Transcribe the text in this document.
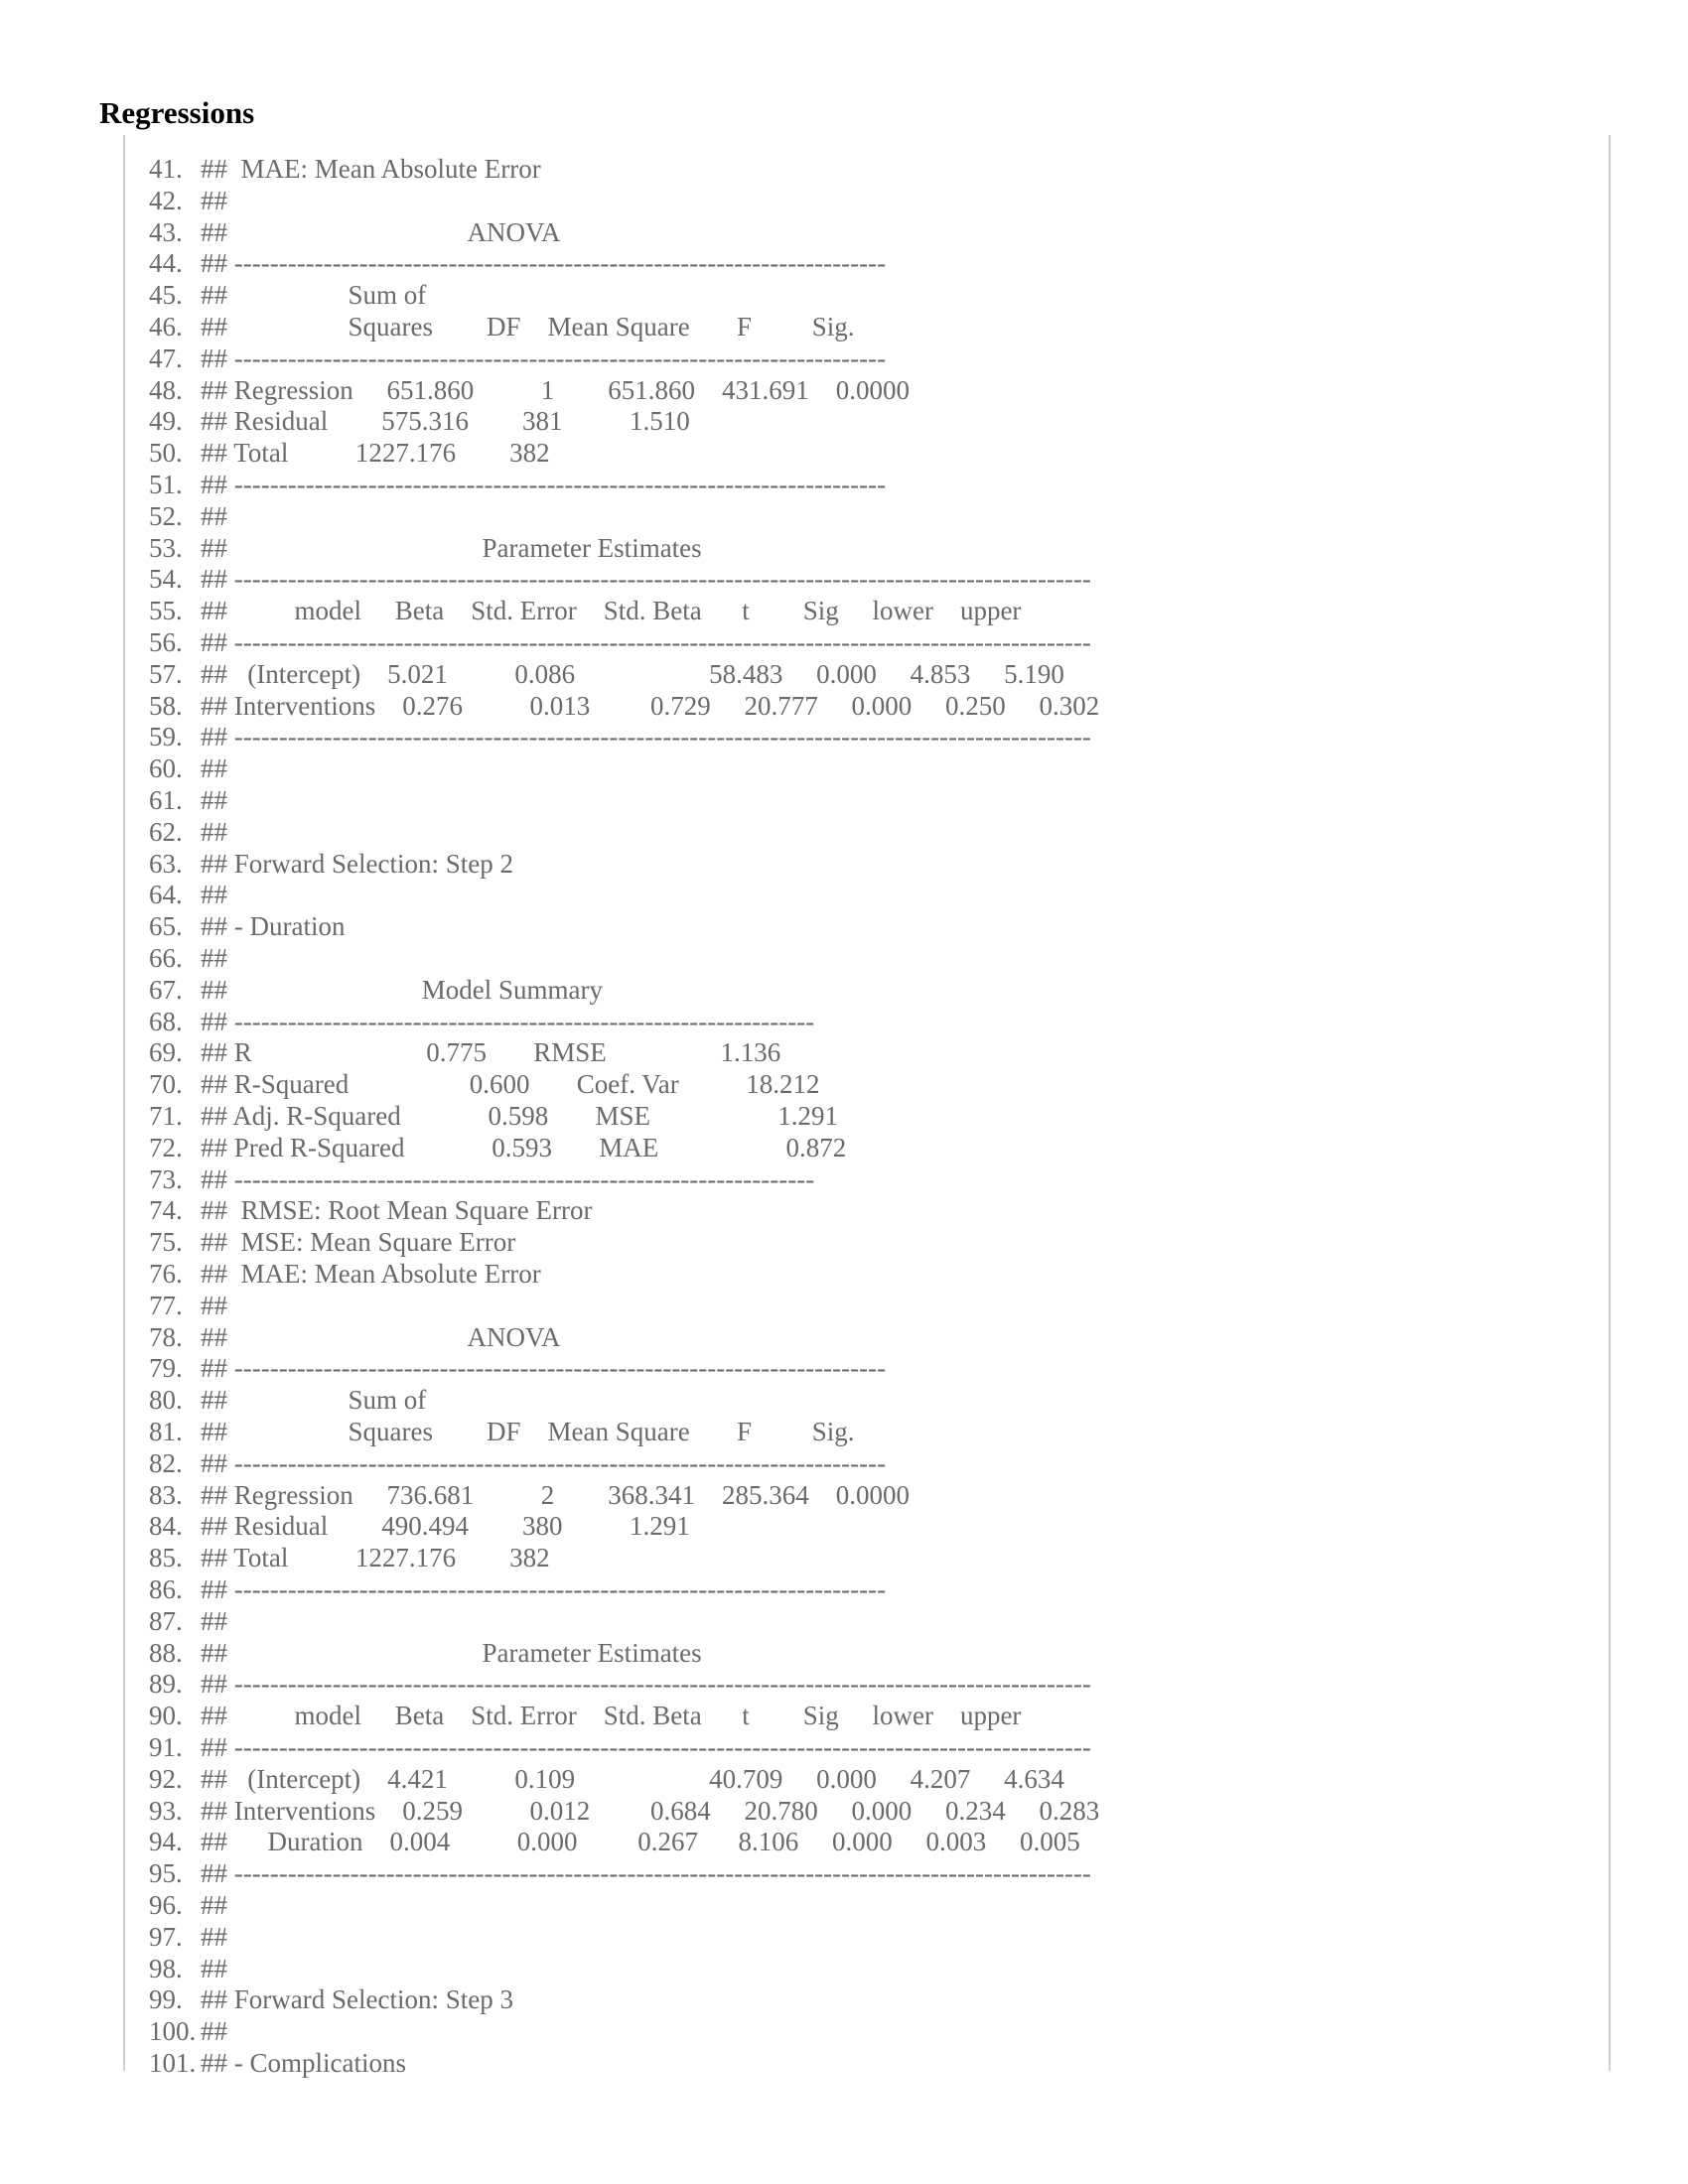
Regressions
41. ##  MAE: Mean Absolute Error
42. ##
43. ##                                    ANOVA
44. ## -------------------------------------------------------------------------
45. ##                  Sum of
46. ##                  Squares        DF    Mean Square       F         Sig.
47. ## -------------------------------------------------------------------------
48. ## Regression     651.860          1        651.860    431.691    0.0000
49. ## Residual        575.316        381          1.510
50. ## Total          1227.176        382
51. ## -------------------------------------------------------------------------
52. ##
53. ##                                      Parameter Estimates
54. ## ------------------------------------------------------------------------------------------------
55. ##          model     Beta    Std. Error    Std. Beta      t        Sig     lower    upper
56. ## ------------------------------------------------------------------------------------------------
57. ##   (Intercept)    5.021          0.086                    58.483     0.000     4.853     5.190
58. ## Interventions    0.276          0.013         0.729     20.777     0.000     0.250     0.302
59. ## ------------------------------------------------------------------------------------------------
60. ##
61. ##
62. ##
63. ## Forward Selection: Step 2
64. ##
65. ## - Duration
66. ##
67. ##                             Model Summary
68. ## -----------------------------------------------------------------
69. ## R                          0.775       RMSE                 1.136
70. ## R-Squared                  0.600       Coef. Var          18.212
71. ## Adj. R-Squared             0.598       MSE                   1.291
72. ## Pred R-Squared             0.593       MAE                   0.872
73. ## -----------------------------------------------------------------
74. ##  RMSE: Root Mean Square Error
75. ##  MSE: Mean Square Error
76. ##  MAE: Mean Absolute Error
77. ##
78. ##                                    ANOVA
79. ## -------------------------------------------------------------------------
80. ##                  Sum of
81. ##                  Squares        DF    Mean Square       F         Sig.
82. ## -------------------------------------------------------------------------
83. ## Regression     736.681          2        368.341    285.364    0.0000
84. ## Residual        490.494        380          1.291
85. ## Total          1227.176        382
86. ## -------------------------------------------------------------------------
87. ##
88. ##                                      Parameter Estimates
89. ## ------------------------------------------------------------------------------------------------
90. ##          model     Beta    Std. Error    Std. Beta      t        Sig     lower    upper
91. ## ------------------------------------------------------------------------------------------------
92. ##   (Intercept)    4.421          0.109                    40.709     0.000     4.207     4.634
93. ## Interventions    0.259          0.012         0.684     20.780     0.000     0.234     0.283
94. ##      Duration    0.004          0.000         0.267      8.106     0.000     0.003     0.005
95. ## ------------------------------------------------------------------------------------------------
96. ##
97. ##
98. ##
99. ## Forward Selection: Step 3
100. ##
101. ## - Complications
